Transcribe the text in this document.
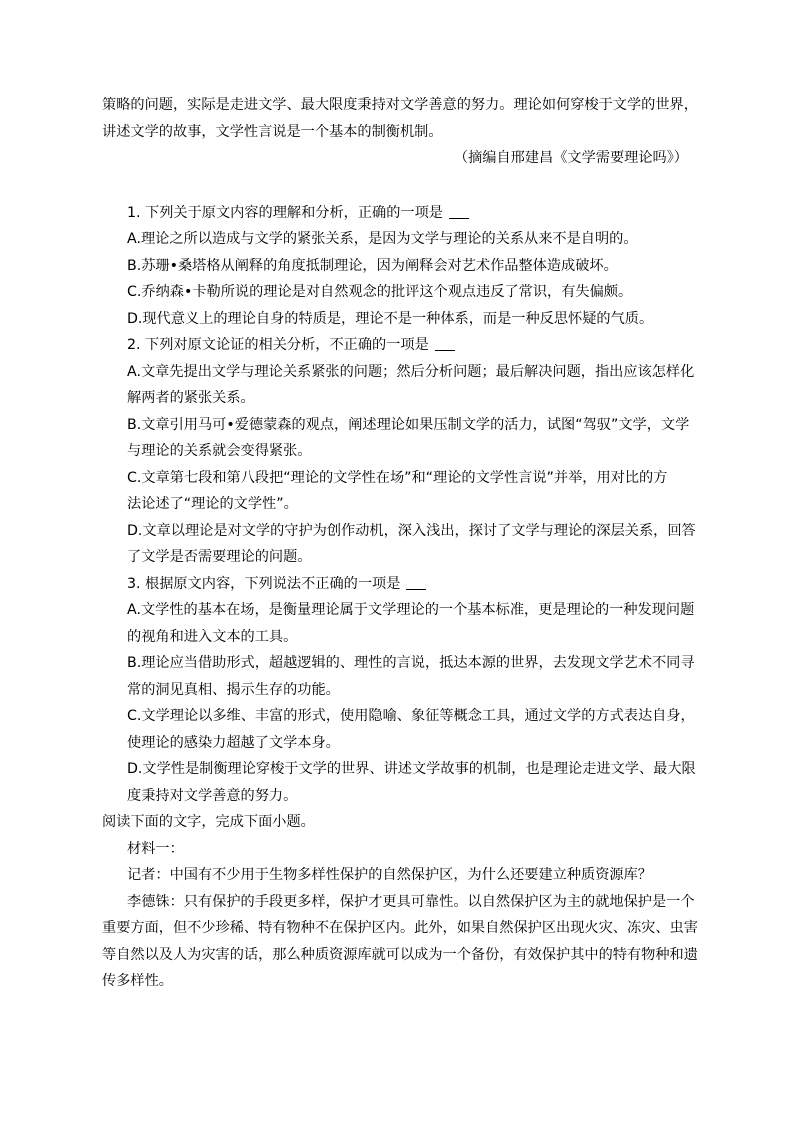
策略的问题，实际是走进文学、最大限度秉持对文学善意的努力。理论如何穿梭于文学的世界，

讲述文学的故事，文学性言说是一个基本的制衡机制。

（摘编自邢建昌《文学需要理论吗》）

1. 下列关于原文内容的理解和分析，正确的一项是

A.理论之所以造成与文学的紧张关系，是因为文学与理论的关系从来不是自明的。

B.苏珊•桑塔格从阐释的角度抵制理论，因为阐释会对艺术作品整体造成破坏。

C.乔纳森•卡勒所说的理论是对自然观念的批评这个观点违反了常识，有失偏颇。

D.现代意义上的理论自身的特质是，理论不是一种体系，而是一种反思怀疑的气质。

2. 下列对原文论证的相关分析，不正确的一项是

A.文章先提出文学与理论关系紧张的问题；然后分析问题；最后解决问题，指出应该怎样化

解两者的紧张关系。

B.文章引用马可•爱德蒙森的观点，阐述理论如果压制文学的活力，试图“驾驭”文学，文学

与理论的关系就会变得紧张。

C.文章第七段和第八段把“理论的文学性在场”和“理论的文学性言说”并举，用对比的方

法论述了“理论的文学性”。

D.文章以理论是对文学的守护为创作动机，深入浅出，探讨了文学与理论的深层关系，回答

了文学是否需要理论的问题。

3. 根据原文内容，下列说法不正确的一项是

A.文学性的基本在场，是衡量理论属于文学理论的一个基本标准，更是理论的一种发现问题

的视角和进入文本的工具。

B.理论应当借助形式，超越逻辑的、理性的言说，抵达本源的世界，去发现文学艺术不同寻

常的洞见真相、揭示生存的功能。

C.文学理论以多维、丰富的形式，使用隐喻、象征等概念工具，通过文学的方式表达自身，

使理论的感染力超越了文学本身。

D.文学性是制衡理论穿梭于文学的世界、讲述文学故事的机制，也是理论走进文学、最大限

度秉持对文学善意的努力。

阅读下面的文字，完成下面小题。

材料一：

记者：中国有不少用于生物多样性保护的自然保护区，为什么还要建立种质资源库？

李德铢：只有保护的手段更多样，保护才更具可靠性。以自然保护区为主的就地保护是一个

重要方面，但不少珍稀、特有物种不在保护区内。此外，如果自然保护区出现火灾、冻灾、虫害

等自然以及人为灾害的话，那么种质资源库就可以成为一个备份，有效保护其中的特有物种和遗

传多样性。
